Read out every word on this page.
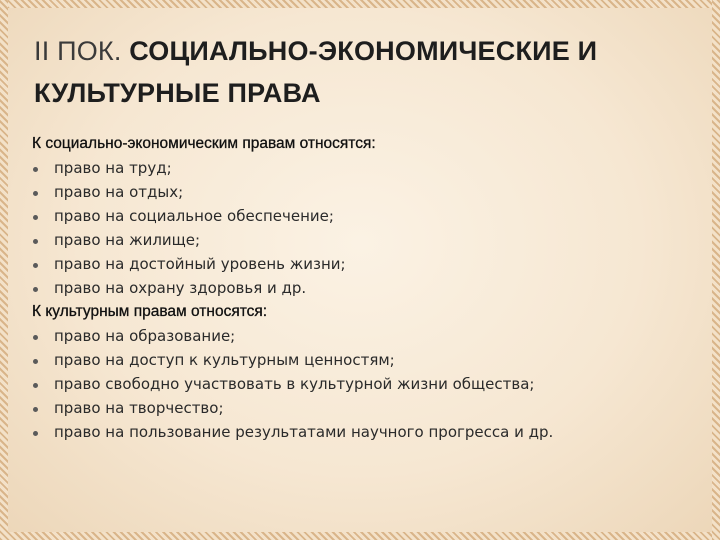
II ПОК. СОЦИАЛЬНО-ЭКОНОМИЧЕСКИЕ И
КУЛЬТУРНЫЕ ПРАВА
К социально-экономическим правам относятся:
право на труд;
право на отдых;
право на социальное обеспечение;
право на жилище;
право на достойный уровень жизни;
право на охрану здоровья и др.
К культурным правам относятся:
право на образование;
право на доступ к культурным ценностям;
право свободно участвовать в культурной жизни общества;
право на творчество;
право на пользование результатами научного прогресса и др.
